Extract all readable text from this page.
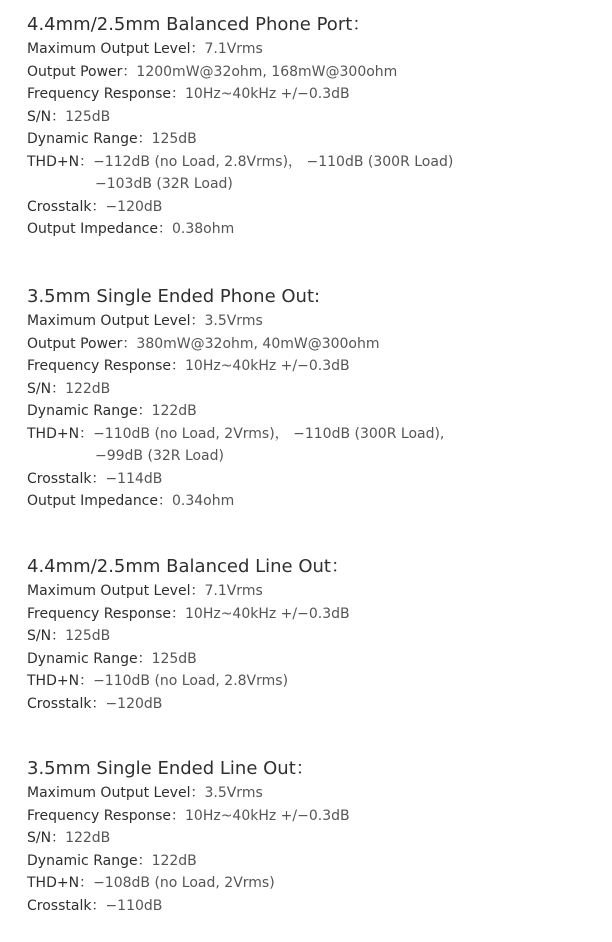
4.4mm/2.5mm Balanced Phone Port：
Maximum Output Level：7.1Vrms
Output Power：1200mW@32ohm, 168mW@300ohm
Frequency Response：10Hz~40kHz +/−0.3dB
S/N：125dB
Dynamic Range：125dB
THD+N：−112dB (no Load, 2.8Vrms)， −110dB (300R Load)
−103dB (32R Load)
Crosstalk：−120dB
Output Impedance：0.38ohm
3.5mm Single Ended Phone Out:
Maximum Output Level：3.5Vrms
Output Power：380mW@32ohm, 40mW@300ohm
Frequency Response：10Hz~40kHz +/−0.3dB
S/N：122dB
Dynamic Range：122dB
THD+N：−110dB (no Load, 2Vrms)， −110dB (300R Load),
−99dB (32R Load)
Crosstalk：−114dB
Output Impedance：0.34ohm
4.4mm/2.5mm Balanced Line Out：
Maximum Output Level：7.1Vrms
Frequency Response：10Hz~40kHz +/−0.3dB
S/N：125dB
Dynamic Range：125dB
THD+N：−110dB (no Load, 2.8Vrms)
Crosstalk：−120dB
3.5mm Single Ended Line Out：
Maximum Output Level：3.5Vrms
Frequency Response：10Hz~40kHz +/−0.3dB
S/N：122dB
Dynamic Range：122dB
THD+N：−108dB (no Load, 2Vrms)
Crosstalk：−110dB
